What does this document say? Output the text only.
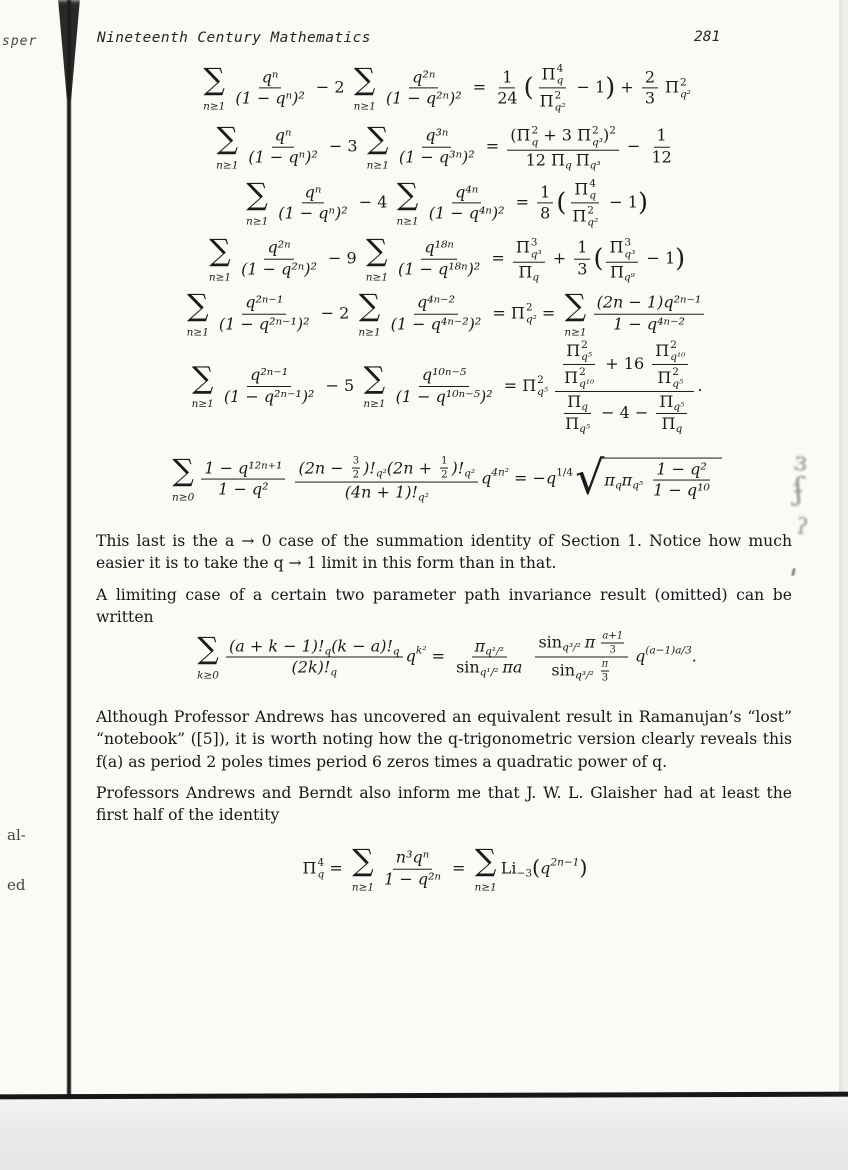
Nineteenth Century Mathematics	281
sper
al-
ed
∑
n≥1
qⁿ
(1 − qⁿ)²
− 2 ∑
$n\ge 1 \frac{\text{q²ⁿ}}{\text{(1 − q²ⁿ)²}} = \frac{1}{24}$ ( Π 4
q
Π 2
q²
− 1 ) + $\frac{2}{3}$
Π 2
q²
∑
n≥1
qⁿ
(1 − qⁿ)²
− 3 ∑
$n\ge 1 \frac{\text{q³ⁿ}}{\text{(1 − q³ⁿ)²}}$ = ( Π 2
q + 3 Π 2
q³ ) 2
12 Π q
Π $q^3 - \frac{1}{12}$
∑
n≥1
qⁿ
(1 − qⁿ)²
− 4 ∑
$n\ge 1 \frac{\text{q⁴ⁿ}}{\text{(1 − q⁴ⁿ)²}} = \frac{1}{8}$ ( Π 4
q
Π 2
q²
− 1 )
∑
n≥1
q²ⁿ
(1 − q²ⁿ)²
− 9 ∑
$n\ge 1 \frac{\text{q¹⁸ⁿ}}{\text{(1 − q¹⁸ⁿ)²}} = \Pi$ 3
q³
Π $q + \frac{1}{3}$ ( Π 3
q³
Π q⁹
− 1 )
∑
n≥1
q²ⁿ⁻¹
(1 − q²ⁿ⁻¹)²
− 2 ∑
$n\ge 1 \frac{\text{q⁴ⁿ⁻²}}{\text{(1 − q⁴ⁿ⁻²)²}} = \Pi$ 2
q² = ∑
n≥1
(2n − 1)q²ⁿ⁻¹
1 − q⁴ⁿ⁻²
∑
n≥1
q²ⁿ⁻¹
(1 − q²ⁿ⁻¹)²
− 5 ∑
$n\ge 1 \frac{\text{q¹⁰ⁿ⁻⁵}}{\text{(1 − q¹⁰ⁿ⁻⁵)²}} = \Pi$ 2
q⁵

Π 2
q⁵
Π 2
q¹⁰
+ 16
Π 2
q¹⁰
Π 2
q⁵
Π q
Π q⁵
− $4 - \frac{\text{Π q⁵}}{\text{Π q}}$
.
∑
n≥0
1 − q¹²ⁿ⁺¹
1 − q²

($2n - \frac{3}{2}$ )! q² ($2n + \frac{1}{2}$ )! q²
(4n + 1)! q²
q 4n² = − q 1/4 √ π q π q⁵

1 − q²
1 − q¹⁰
∑
k≥0
(a + k − 1)! q (k − a)! q
(2k)! q
q k² = π q¹/²
sin q¹/²
πa
sin q³/²
π a+1
3
sin q³/²

π
3

q (a−1)a/3 .
Π 4
q = ∑
$n\ge 1 \frac{\text{n³qⁿ}}{\text{1 − q²ⁿ}}$ = ∑
n≥1
Li −3 ( q 2n−1 )
This last is the a → 0 case of the summation identity of Section 1. Notice how much easier it is to take the q → 1 limit in this form than in that.
A limiting case of a certain two parameter path invariance result (omitted) can be written
Although Professor Andrews has uncovered an equivalent result in Ramanujan’s “lost” “notebook” ([5]), it is worth noting how the q-trigonometric version clearly reveals this f(a) as period 2 poles times period 6 zeros times a quadratic power of q.
Professors Andrews and Berndt also inform me that J. W. L. Glaisher had at least the first half of the identity
ɜ
ʄ
ʔ
